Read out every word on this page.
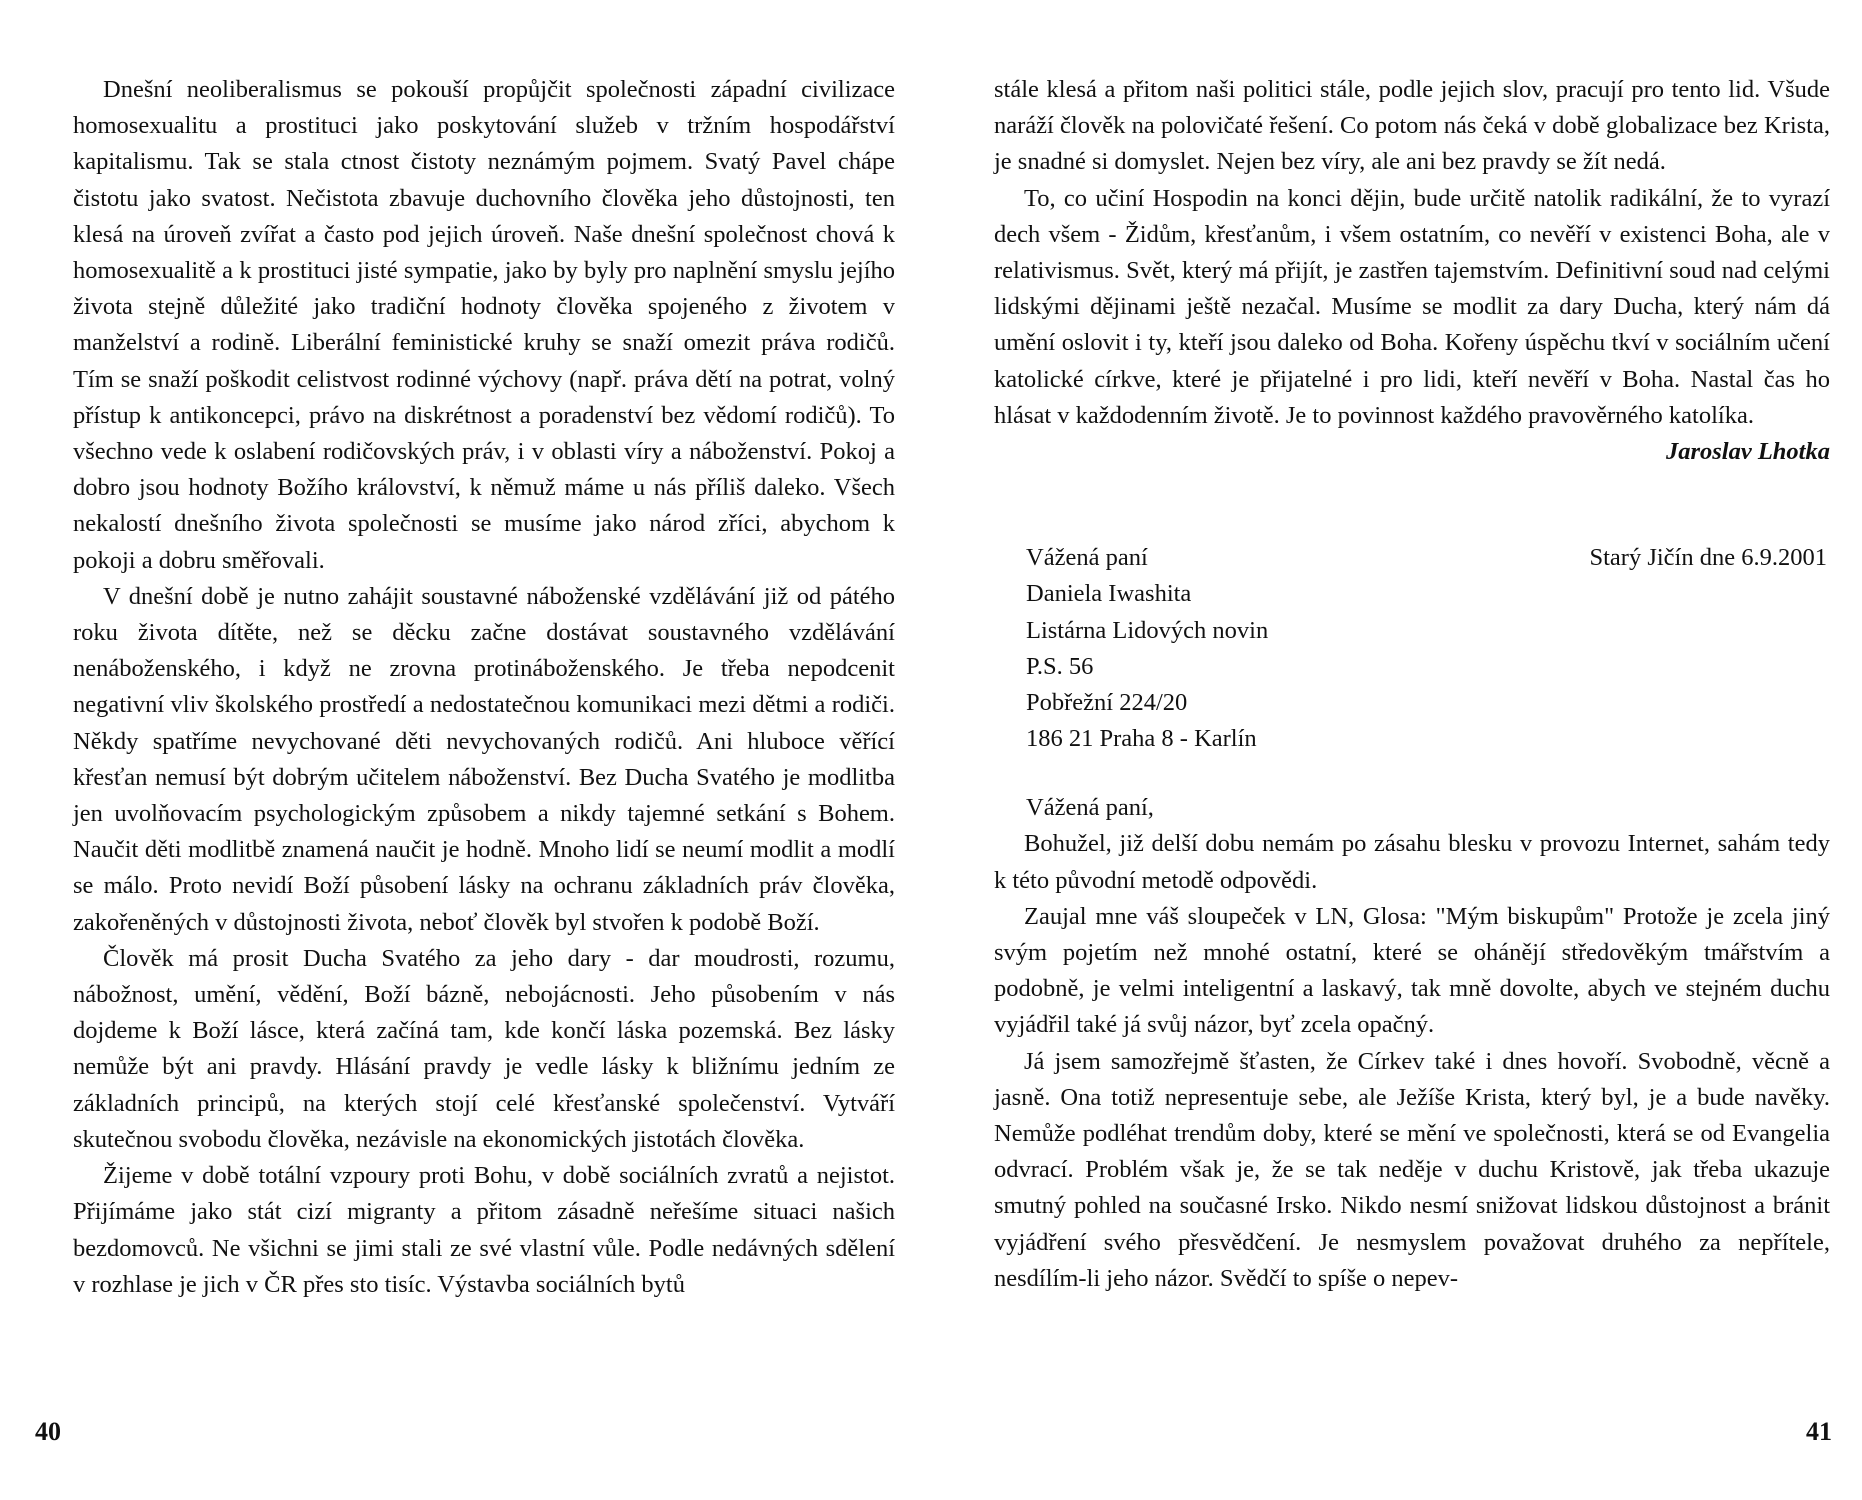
Dnešní neoliberalismus se pokouší propůjčit společnosti západní civilizace homosexualitu a prostituci jako poskytování služeb v tržním hospodářství kapitalismu. Tak se stala ctnost čistoty neznámým pojmem. Svatý Pavel chápe čistotu jako svatost. Nečistota zbavuje duchovního člověka jeho důstojnosti, ten klesá na úroveň zvířat a často pod jejich úroveň. Naše dnešní společnost chová k homosexualitě a k prostituci jisté sympatie, jako by byly pro naplnění smyslu jejího života stejně důležité jako tradiční hodnoty člověka spojeného z životem v manželství a rodině. Liberální feministické kruhy se snaží omezit práva rodičů. Tím se snaží poškodit celistvost rodinné výchovy (např. práva dětí na potrat, volný přístup k antikoncepci, právo na diskrétnost a poradenství bez vědomí rodičů). To všechno vede k oslabení rodičovských práv, i v oblasti víry a náboženství. Pokoj a dobro jsou hodnoty Božího království, k němuž máme u nás příliš daleko. Všech nekalostí dnešního života společnosti se musíme jako národ zříci, abychom k pokoji a dobru směřovali.

V dnešní době je nutno zahájit soustavné náboženské vzdělávání již od pátého roku života dítěte, než se děcku začne dostávat soustavného vzdělávání nenáboženského, i když ne zrovna protináboženského. Je třeba nepodcenit negativní vliv školského prostředí a nedostatečnou komunikaci mezi dětmi a rodiči. Někdy spatříme nevychované děti nevychovaných rodičů. Ani hluboce věřící křesťan nemusí být dobrým učitelem náboženství. Bez Ducha Svatého je modlitba jen uvolňovacím psychologickým způsobem a nikdy tajemné setkání s Bohem. Naučit děti modlitbě znamená naučit je hodně. Mnoho lidí se neumí modlit a modlí se málo. Proto nevidí Boží působení lásky na ochranu základních práv člověka, zakořeněných v důstojnosti života, neboť člověk byl stvořen k podobě Boží.

Člověk má prosit Ducha Svatého za jeho dary - dar moudrosti, rozumu, nábožnost, umění, vědění, Boží bázně, nebojácnosti. Jeho působením v nás dojdeme k Boží lásce, která začíná tam, kde končí láska pozemská. Bez lásky nemůže být ani pravdy. Hlásání pravdy je vedle lásky k bližnímu jedním ze základních principů, na kterých stojí celé křesťanské společenství. Vytváří skutečnou svobodu člověka, nezávisle na ekonomických jistotách člověka.

Žijeme v době totální vzpoury proti Bohu, v době sociálních zvratů a nejistot. Přijímáme jako stát cizí migranty a přitom zásadně neřešíme situaci našich bezdomovců. Ne všichni se jimi stali ze své vlastní vůle. Podle nedávných sdělení v rozhlase je jich v ČR přes sto tisíc. Výstavba sociálních bytů

40

stále klesá a přitom naši politici stále, podle jejich slov, pracují pro tento lid. Všude naráží člověk na polovičaté řešení. Co potom nás čeká v době globalizace bez Krista, je snadné si domyslet. Nejen bez víry, ale ani bez pravdy se žít nedá.

To, co učiní Hospodin na konci dějin, bude určitě natolik radikální, že to vyrazí dech všem - Židům, křesťanům, i všem ostatním, co nevěří v existenci Boha, ale v relativismus. Svět, který má přijít, je zastřen tajemstvím. Definitivní soud nad celými lidskými dějinami ještě nezačal. Musíme se modlit za dary Ducha, který nám dá umění oslovit i ty, kteří jsou daleko od Boha. Kořeny úspěchu tkví v sociálním učení katolické církve, které je přijatelné i pro lidi, kteří nevěří v Boha. Nastal čas ho hlásat v každodenním životě. Je to povinnost každého pravověrného katolíka.

Jaroslav Lhotka

Vážená paní
Daniela Iwashita
Listárna Lidových novin
P.S. 56
Pobřežní 224/20
186 21 Praha 8 - Karlín
Starý Jičín dne 6.9.2001

Vážená paní,

Bohužel, již delší dobu nemám po zásahu blesku v provozu Internet, sahám tedy k této původní metodě odpovědi.

Zaujal mne váš sloupeček v LN, Glosa: "Mým biskupům" Protože je zcela jiný svým pojetím než mnohé ostatní, které se ohánějí středověkým tmářstvím a podobně, je velmi inteligentní a laskavý, tak mně dovolte, abych ve stejném duchu vyjádřil také já svůj názor, byť zcela opačný.

Já jsem samozřejmě šťasten, že Církev také i dnes hovoří. Svobodně, věcně a jasně. Ona totiž nepresentuje sebe, ale Ježíše Krista, který byl, je a bude navěky. Nemůže podléhat trendům doby, které se mění ve společnosti, která se od Evangelia odvrací. Problém však je, že se tak neděje v duchu Kristově, jak třeba ukazuje smutný pohled na současné Irsko. Nikdo nesmí snižovat lidskou důstojnost a bránit vyjádření svého přesvědčení. Je nesmyslem považovat druhého za nepřítele, nesdílím-li jeho názor. Svědčí to spíše o nepev-

41
